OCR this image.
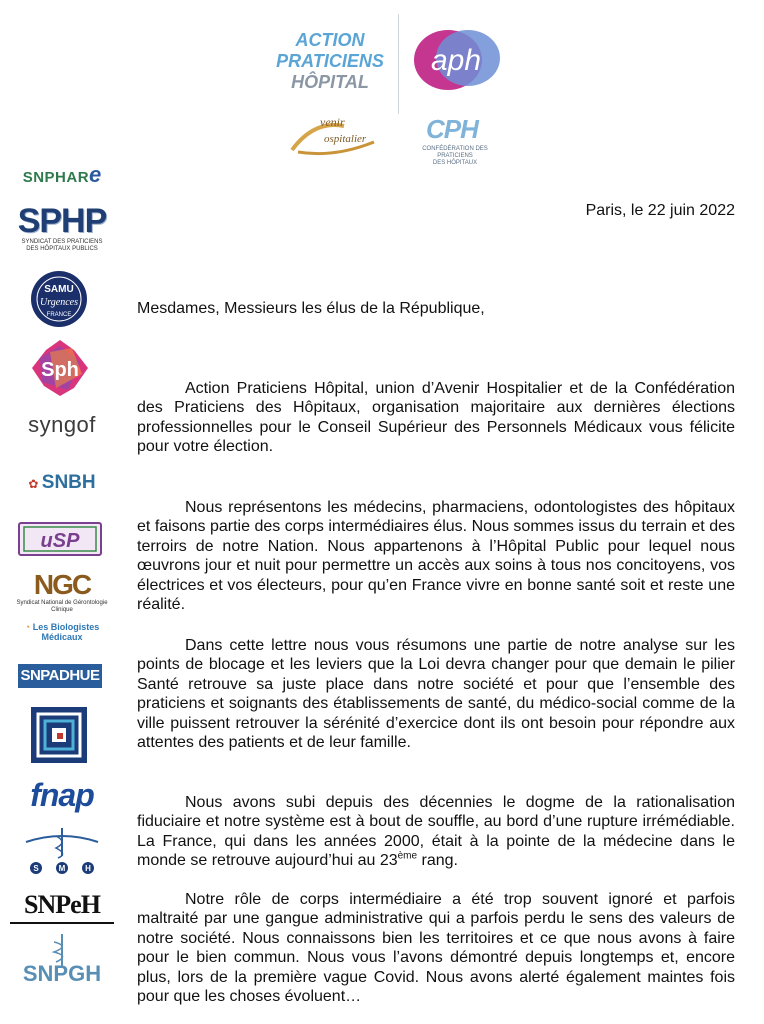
ACTION
PRATICIENS
HÔPITAL
aph
venir
ospitalier CPH
CONFÉDÉRATION DES PRATICIENS
DES HÔPITAUX
SNPHARe
SPHP
SYNDICAT DES PRATICIENS
DES HÔPITAUX PUBLICS
SAMU
Urgences
FRANCE
Sph
syngof
✿ SNBH
uSP
NGC
Syndicat National de Gérontologie Clinique
◔ Les Biologistes
Médicaux
SNPADHUE
fnap
S M H
SNPeH
SNPGH
Paris, le 22 juin 2022
Mesdames, Messieurs les élus de la République,
Action Praticiens Hôpital, union d’Avenir Hospitalier et de la Confédération des Praticiens des Hôpitaux, organisation majoritaire aux dernières élections professionnelles pour le Conseil Supérieur des Personnels Médicaux vous félicite pour votre élection.
Nous représentons les médecins, pharmaciens, odontologistes des hôpitaux et faisons partie des corps intermédiaires élus. Nous sommes issus du terrain et des terroirs de notre Nation. Nous appartenons à l’Hôpital Public pour lequel nous œuvrons jour et nuit pour permettre un accès aux soins à tous nos concitoyens, vos électrices et vos électeurs, pour qu’en France vivre en bonne santé soit et reste une réalité.
Dans cette lettre nous vous résumons une partie de notre analyse sur les points de blocage et les leviers que la Loi devra changer pour que demain le pilier Santé retrouve sa juste place dans notre société et pour que l’ensemble des praticiens et soignants des établissements de santé, du médico-social comme de la ville puissent retrouver la sérénité d’exercice dont ils ont besoin pour répondre aux attentes des patients et de leur famille.
Nous avons subi depuis des décennies le dogme de la rationalisation fiduciaire et notre système est à bout de souffle, au bord d’une rupture irrémédiable. La France, qui dans les années 2000, était à la pointe de la médecine dans le monde se retrouve aujourd’hui au 23ème rang.
Notre rôle de corps intermédiaire a été trop souvent ignoré et parfois maltraité par une gangue administrative qui a parfois perdu le sens des valeurs de notre société. Nous connaissons bien les territoires et ce que nous avons à faire pour le bien commun. Nous vous l’avons démontré depuis longtemps et, encore plus, lors de la première vague Covid. Nous avons alerté également maintes fois pour que les choses évoluent…
